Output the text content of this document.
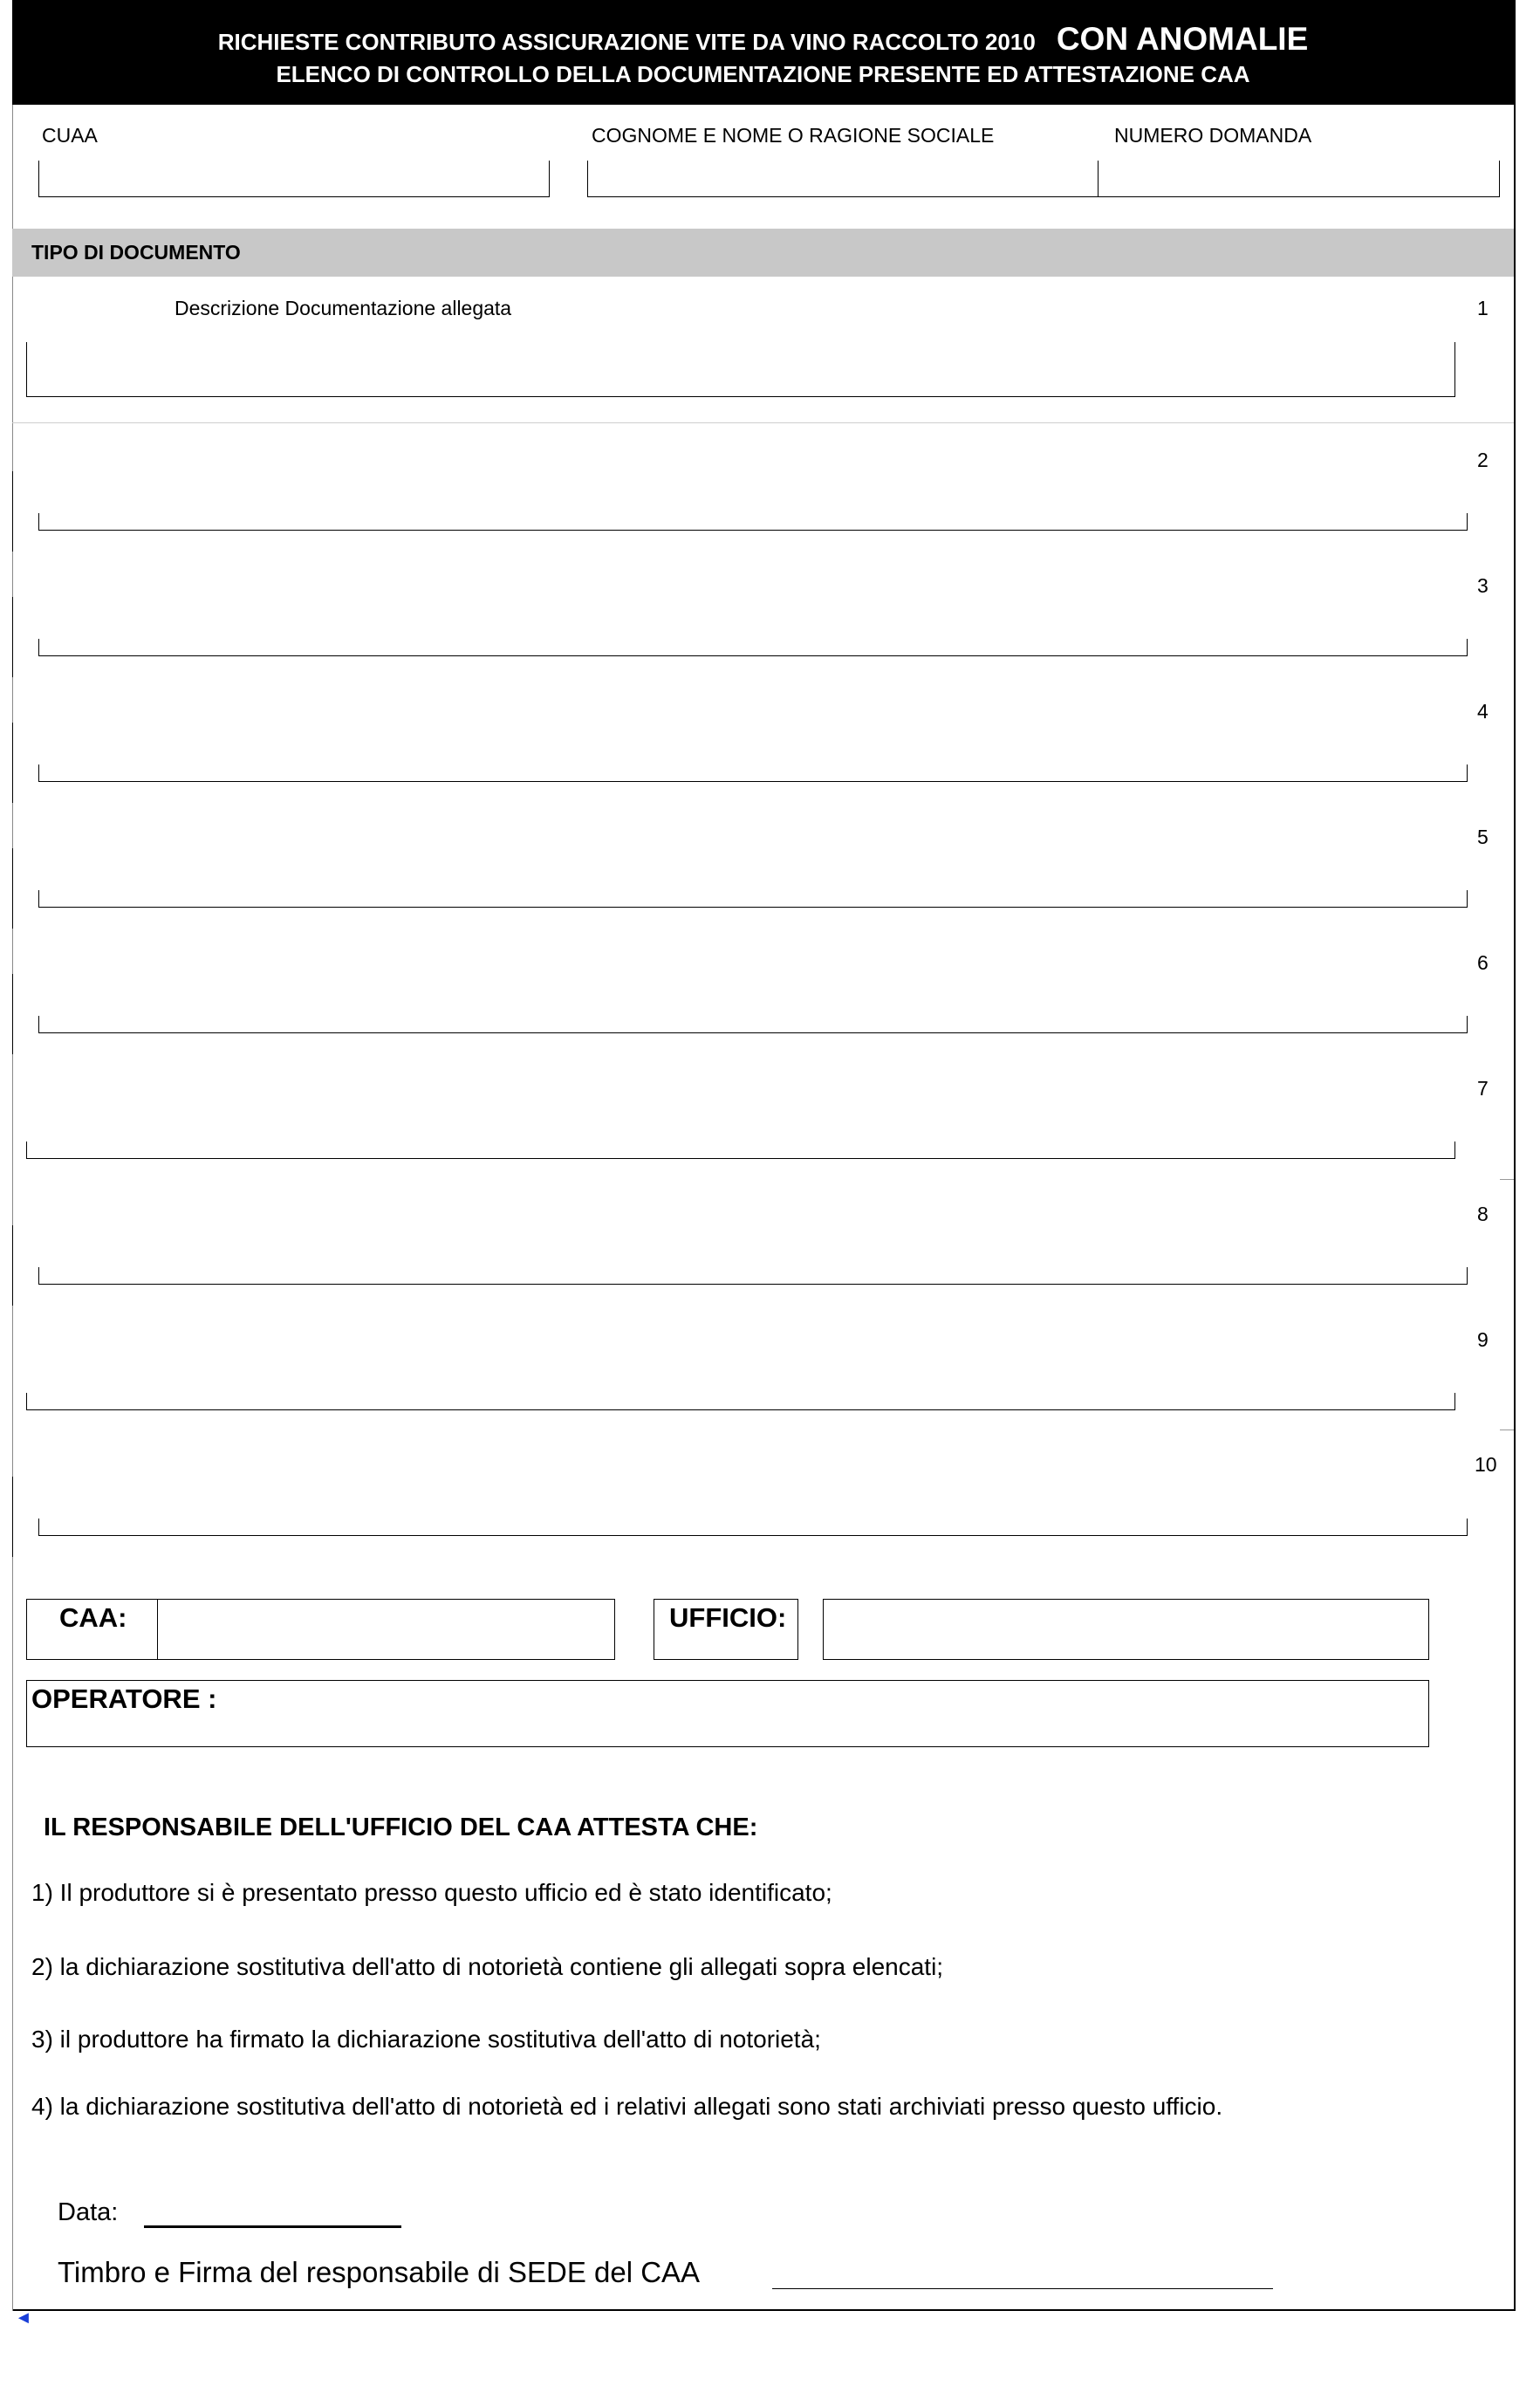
RICHIESTE CONTRIBUTO ASSICURAZIONE VITE DA VINO RACCOLTO 2010 CON ANOMALIE
ELENCO DI CONTROLLO DELLA DOCUMENTAZIONE PRESENTE ED ATTESTAZIONE CAA
CUAA	COGNOME E NOME O RAGIONE SOCIALE	NUMERO DOMANDA
TIPO DI DOCUMENTO
Descrizione Documentazione allegata	1
2
3
4
5
6
7
8
9
10
CAA:	UFFICIO:
OPERATORE :
IL RESPONSABILE DELL'UFFICIO DEL CAA ATTESTA CHE:
1) Il produttore si è presentato presso questo ufficio ed è stato identificato;
2) la dichiarazione sostitutiva dell'atto di notorietà contiene gli allegati sopra elencati;
3) il produttore ha firmato la dichiarazione sostitutiva dell'atto di notorietà;
4) la dichiarazione sostitutiva dell'atto di notorietà ed i relativi allegati sono stati archiviati presso questo ufficio.
Data:
Timbro e Firma del responsabile di SEDE del CAA
◄
